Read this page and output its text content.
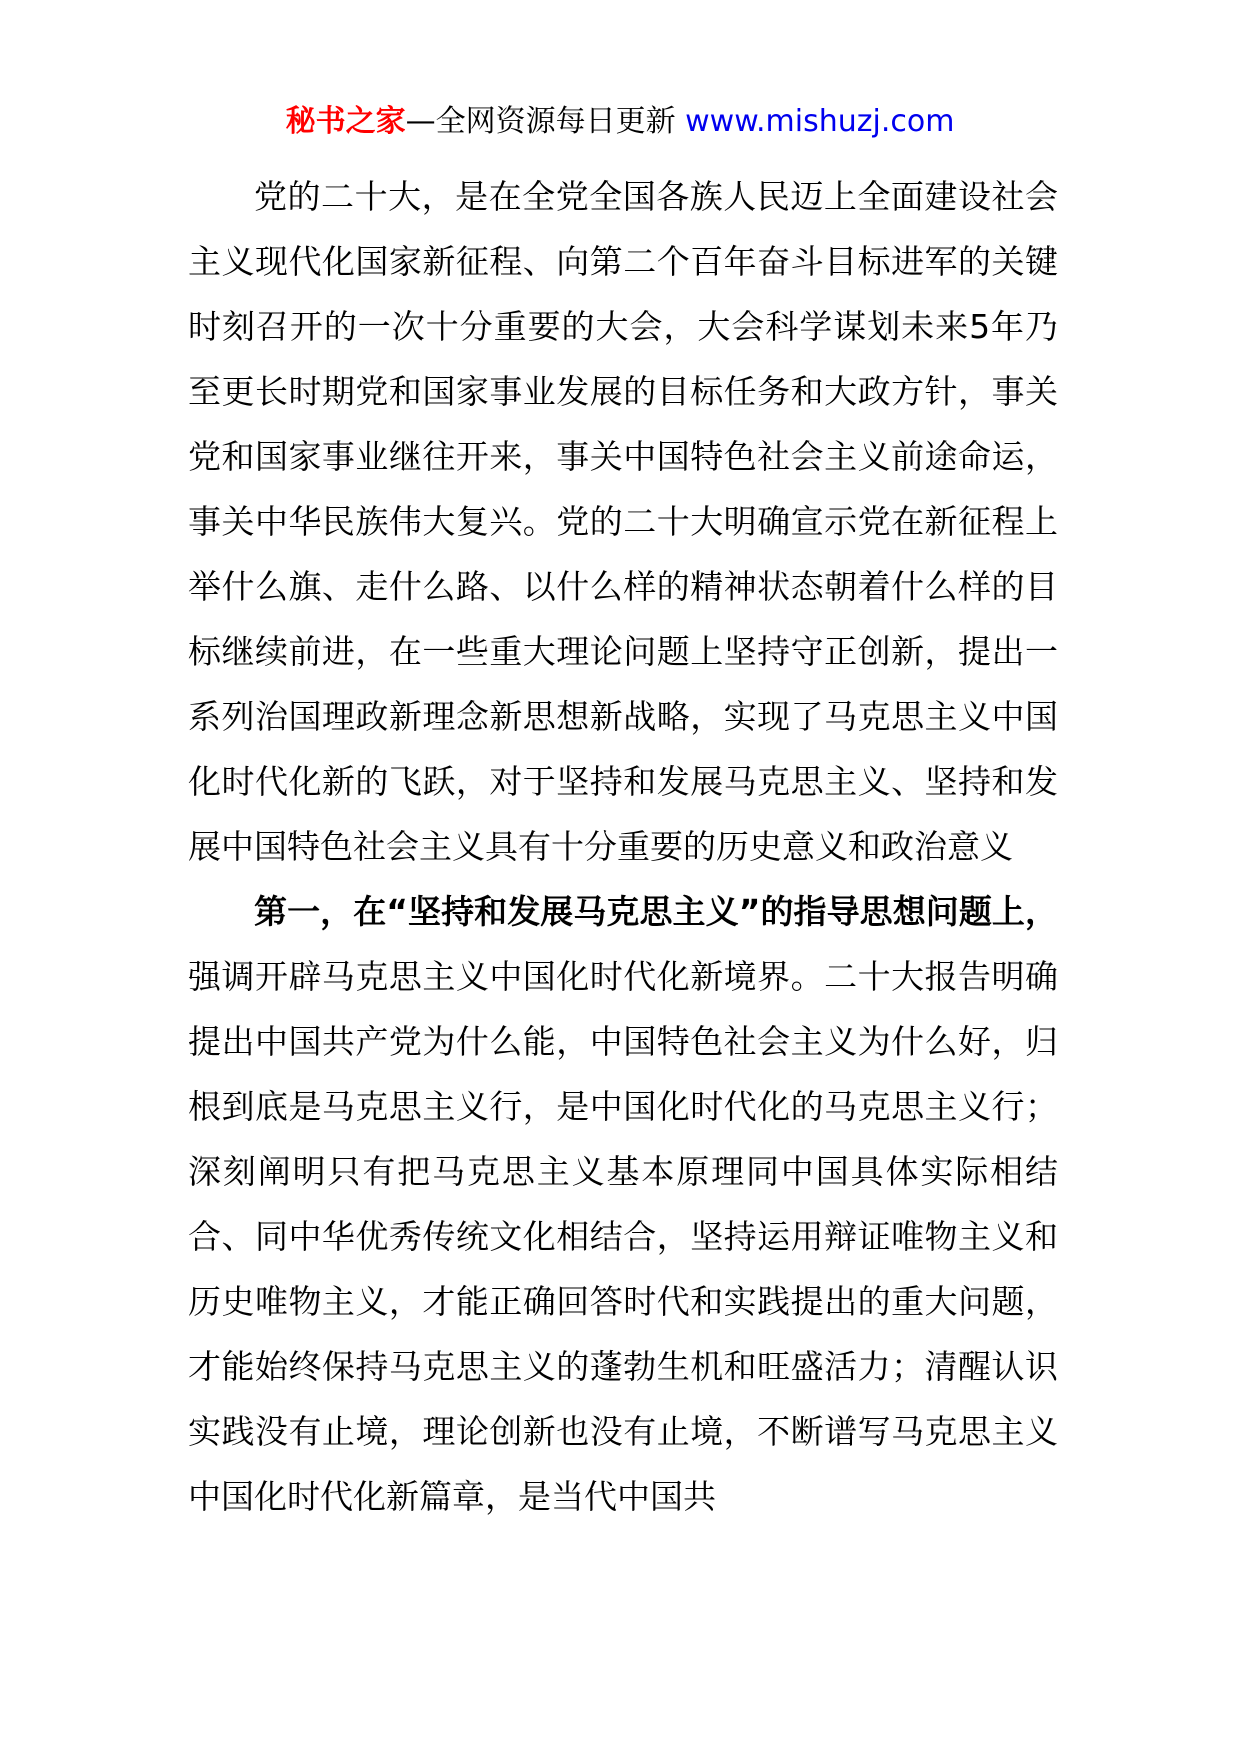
秘书之家—全网资源每日更新 www.mishuzj.com

党的二十大，是在全党全国各族人民迈上全面建设社会主义现代化国家新征程、向第二个百年奋斗目标进军的关键时刻召开的一次十分重要的大会，大会科学谋划未来5年乃至更长时期党和国家事业发展的目标任务和大政方针，事关党和国家事业继往开来，事关中国特色社会主义前途命运，事关中华民族伟大复兴。党的二十大明确宣示党在新征程上举什么旗、走什么路、以什么样的精神状态朝着什么样的目标继续前进，在一些重大理论问题上坚持守正创新，提出一系列治国理政新理念新思想新战略，实现了马克思主义中国化时代化新的飞跃，对于坚持和发展马克思主义、坚持和发展中国特色社会主义具有十分重要的历史意义和政治意义

第一，在“坚持和发展马克思主义”的指导思想问题上，强调开辟马克思主义中国化时代化新境界。二十大报告明确提出中国共产党为什么能，中国特色社会主义为什么好，归根到底是马克思主义行，是中国化时代化的马克思主义行；深刻阐明只有把马克思主义基本原理同中国具体实际相结合、同中华优秀传统文化相结合，坚持运用辩证唯物主义和历史唯物主义，才能正确回答时代和实践提出的重大问题，才能始终保持马克思主义的蓬勃生机和旺盛活力；清醒认识实践没有止境，理论创新也没有止境，不断谱写马克思主义中国化时代化新篇章，是当代中国共
